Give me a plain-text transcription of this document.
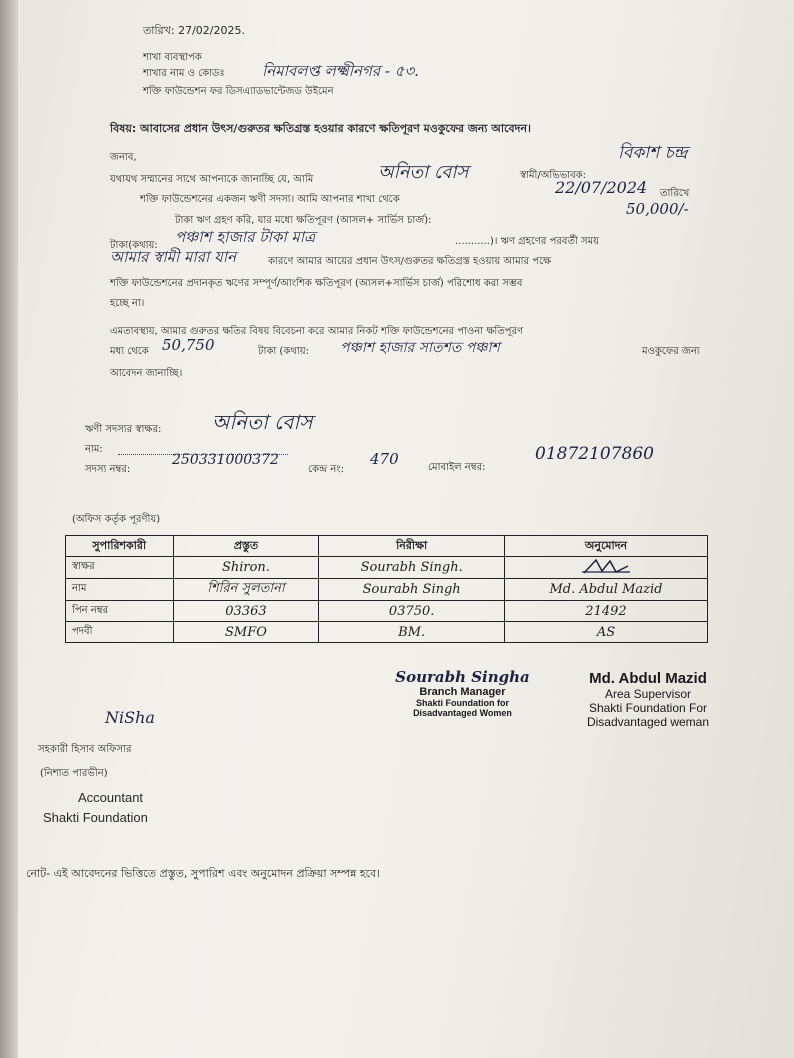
তারিখ: 27/02/2025.
শাখা ব্যবস্থাপক
শাখার নাম ও কোডঃ নিমাবলপ্ত লক্ষ্মীনগর - ৫৩.
শক্তি ফাউন্ডেশন ফর ডিসএ্যাডভান্টেজড উইমেন
বিষয়: আবাসের প্রধান উৎস/গুরুতর ক্ষতিগ্রস্ত হওয়ার কারণে ক্ষতিপূরণ মওকুফের জন্য আবেদন।
জনাব,
যথাযথ সম্মানের সাথে আপনাকে জানাচ্ছি যে, আমি	অনিতা বোস	স্বামী/অভিভাবক:
বিকাশ চন্দ্র
শক্তি ফাউন্ডেশনের একজন ঋণী সদস্য। আমি আপনার শাখা থেকে
22/07/2024 তারিখে
টাকা ঋণ গ্রহণ করি, যার মধ্যে ক্ষতিপূরণ (আসল+ সার্ভিস চার্জ):
50,000/-
টাকা(কথায়: পঞ্চাশ হাজার টাকা মাত্র	...........)। ঋণ গ্রহণের পরবর্তী সময়
আমার স্বামী মারা যান	কারণে আমার আয়ের প্রধান উৎস/গুরুতর ক্ষতিগ্রস্ত হওয়ায় আমার পক্ষে
শক্তি ফাউন্ডেশনের প্রদানকৃত ঋণের সম্পূর্ণ/আংশিক ক্ষতিপূরণ (আসল+সার্ভিস চার্জ) পরিশোধ করা সম্ভব
হচ্ছে না।
এমতাবস্থায়, আমার গুরুতর ক্ষতির বিষয় বিবেচনা করে আমার নিকট শক্তি ফাউন্ডেশনের পাওনা ক্ষতিপূরণ
মধ্য থেকে 50,750	টাকা (কথায়: পঞ্চাশ হাজার সাতশত পঞ্চাশ	মওকুফের জন্য
আবেদন জানাচ্ছি।
ঋণী সদস্যর স্বাক্ষর:	অনিতা বোস
নাম:
সদস্য নম্বর:
250331000372
কেন্দ্র নং:
470	মোবাইল নম্বর:
01872107860
(অফিস কর্তৃক পূরণীয়)
সুপারিশকারী	প্রস্তুত	নিরীক্ষা	অনুমোদন
স্বাক্ষর	Shiron.	Sourabh Singh.	
নাম	শিরিন সুলতানা	Sourabh Singh	Md. Abdul Mazid
পিন নম্বর	03363	03750.	21492
পদবী	SMFO	BM.	AS
Sourabh Singha
Branch Manager
Shakti Foundation for
Disadvantaged Women
Md. Abdul Mazid
Area Supervisor
Shakti Foundation For
Disadvantaged weman
NiSha
সহকারী হিসাব অফিসার
(নিশাত পারভীন)
Accountant
Shakti Foundation
নোট- এই আবেদনের ভিত্তিতে প্রস্তুত, সুপারিশ এবং অনুমোদন প্রক্রিয়া সম্পন্ন হবে।
